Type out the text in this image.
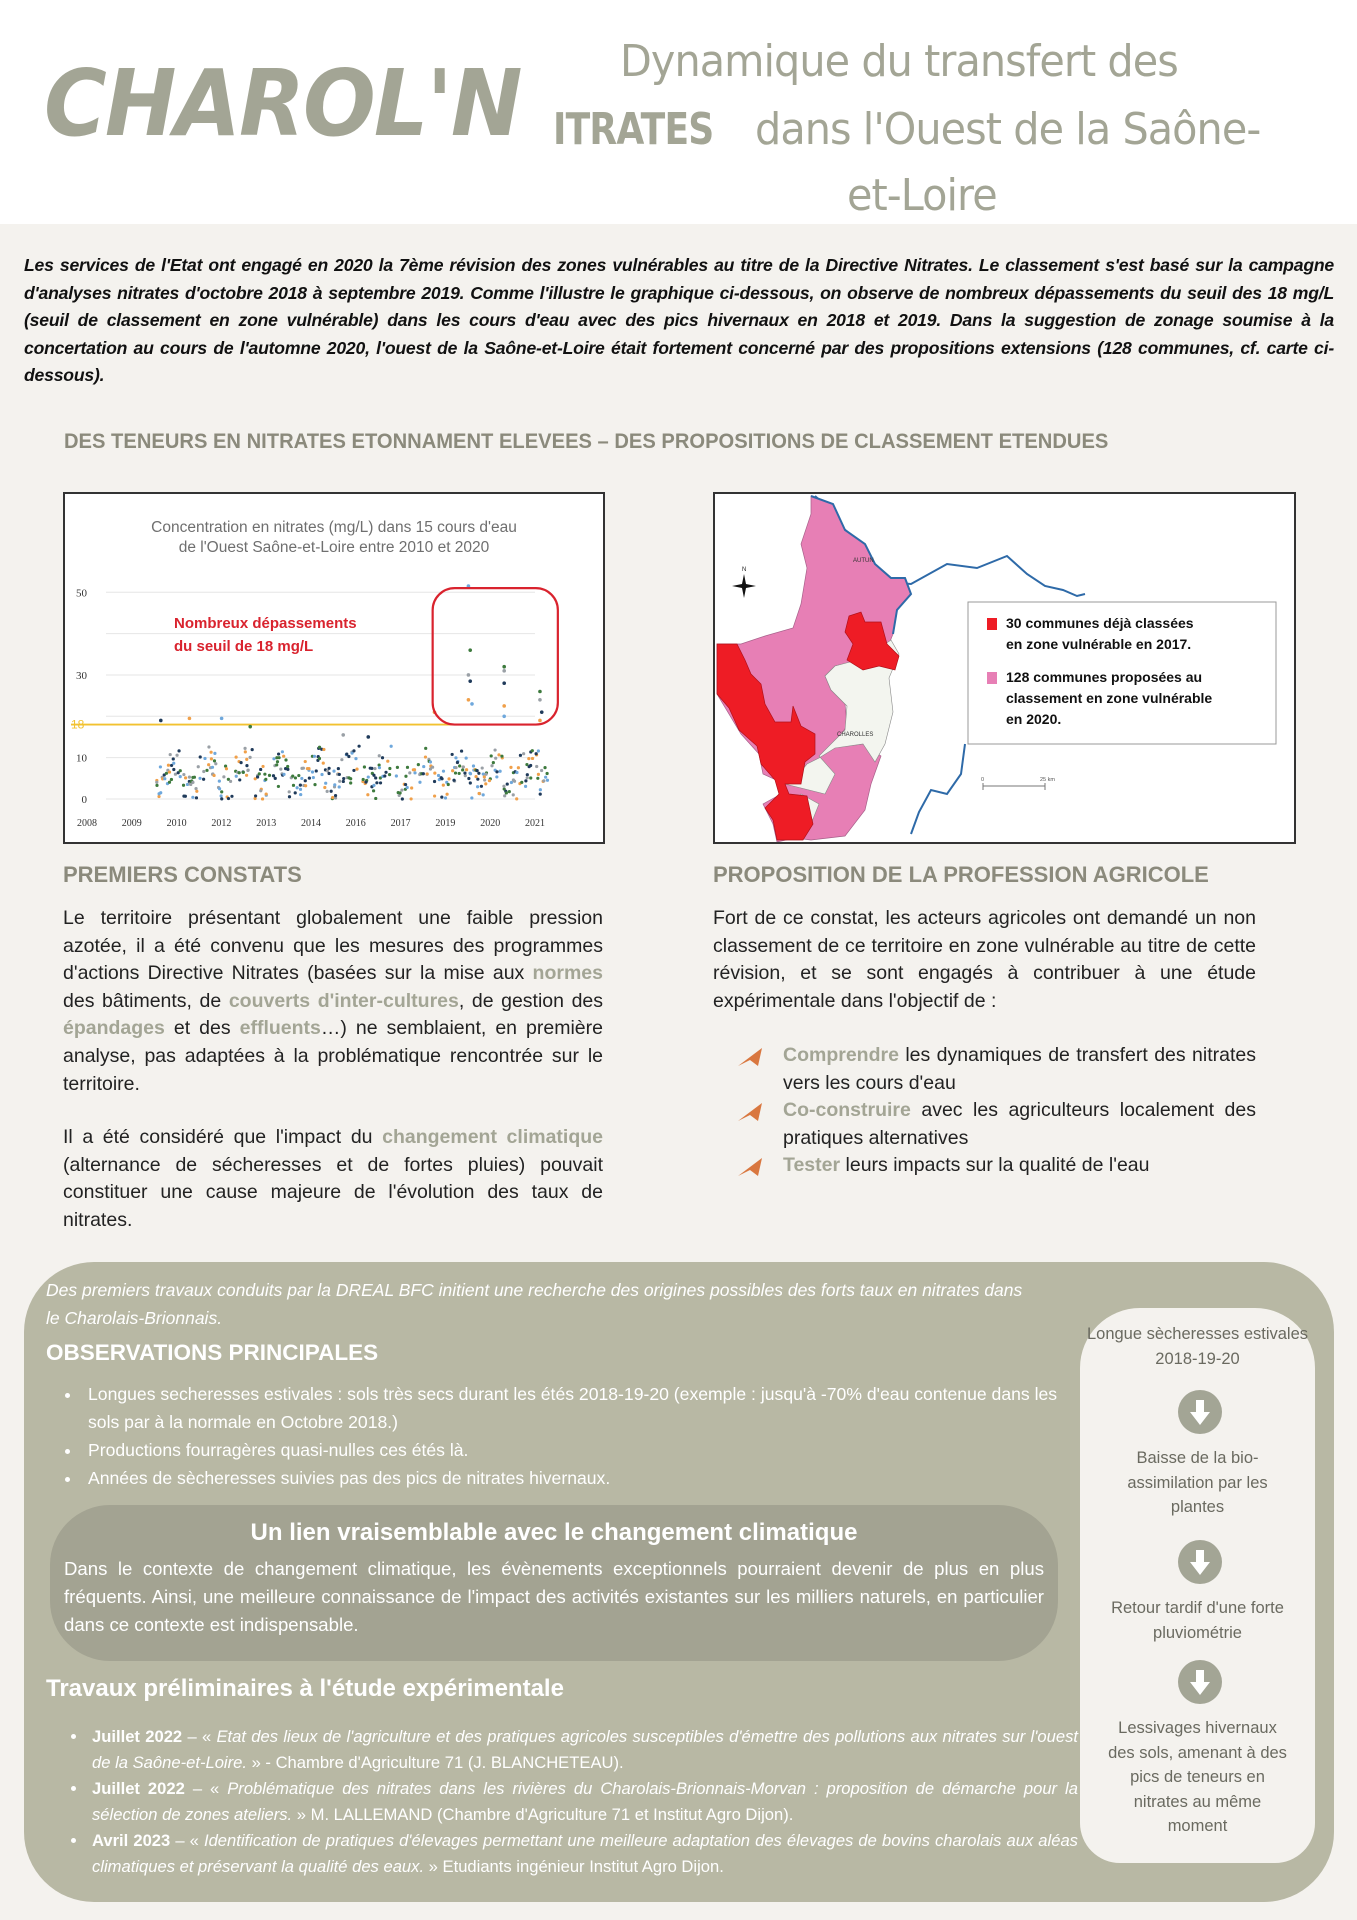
CHAROL'N ITRATES
Dynamique du transfert des
dans l'Ouest de la Saône-
et-Loire
Les services de l'Etat ont engagé en 2020 la 7ème révision des zones vulnérables au titre de la Directive Nitrates. Le classement s'est basé sur la campagne d'analyses nitrates d'octobre 2018 à septembre 2019. Comme l'illustre le graphique ci-dessous, on observe de nombreux dépassements du seuil des 18 mg/L (seuil de classement en zone vulnérable) dans les cours d'eau avec des pics hivernaux en 2018 et 2019. Dans la suggestion de zonage soumise à la concertation au cours de l'automne 2020, l'ouest de la Saône-et-Loire était fortement concerné par des propositions extensions (128 communes, cf. carte ci-dessous).
DES TENEURS EN NITRATES ETONNAMENT ELEVEES – DES PROPOSITIONS DE CLASSEMENT ETENDUES
Concentration en nitrates (mg/L) dans 15 cours d'eau
de l'Ouest Saône-et-Loire entre 2010 et 2020
0
10
30
50
2008 2009 2010 2012 2013 2014 2016 2017 2019 2020 2021
18
Nombreux dépassements
du seuil de 18 mg/L
N
AUTUN
CHAROLLES
0	25 km
30 communes déjà classées
en zone vulnérable en 2017.
128 communes proposées au
classement en zone vulnérable
en 2020.
PREMIERS CONSTATS
Le territoire présentant globalement une faible pression azotée, il a été convenu que les mesures des programmes d'actions Directive Nitrates (basées sur la mise aux normes des bâtiments, de couverts d'inter-cultures, de gestion des épandages et des effluents…) ne semblaient, en première analyse, pas adaptées à la problématique rencontrée sur le territoire.
Il a été considéré que l'impact du changement climatique (alternance de sécheresses et de fortes pluies) pouvait constituer une cause majeure de l'évolution des taux de nitrates.
PROPOSITION DE LA PROFESSION AGRICOLE
Fort de ce constat, les acteurs agricoles ont demandé un non classement de ce territoire en zone vulnérable au titre de cette révision, et se sont engagés à contribuer à une étude expérimentale dans l'objectif de :
Comprendre les dynamiques de transfert des nitrates vers les cours d'eau
Co-construire avec les agriculteurs localement des pratiques alternatives
Tester leurs impacts sur la qualité de l'eau
Des premiers travaux conduits par la DREAL BFC initient une recherche des origines possibles des forts taux en nitrates dans le Charolais-Brionnais.
OBSERVATIONS PRINCIPALES
• Longues secheresses estivales : sols très secs durant les étés 2018-19-20 (exemple : jusqu'à -70% d'eau contenue dans les sols par à la normale en Octobre 2018.)
• Productions fourragères quasi-nulles ces étés là.
• Années de sècheresses suivies pas des pics de nitrates hivernaux.
Un lien vraisemblable avec le changement climatique
Dans le contexte de changement climatique, les évènements exceptionnels pourraient devenir de plus en plus fréquents. Ainsi, une meilleure connaissance de l'impact des activités existantes sur les milliers naturels, en particulier dans ce contexte est indispensable.
Travaux préliminaires à l'étude expérimentale
• Juillet 2022 – « Etat des lieux de l'agriculture et des pratiques agricoles susceptibles d'émettre des pollutions aux nitrates sur l'ouest de la Saône-et-Loire. » - Chambre d'Agriculture 71 (J. BLANCHETEAU).
• Juillet 2022 – « Problématique des nitrates dans les rivières du Charolais-Brionnais-Morvan : proposition de démarche pour la sélection de zones ateliers. » M. LALLEMAND (Chambre d'Agriculture 71 et Institut Agro Dijon).
• Avril 2023 – « Identification de pratiques d'élevages permettant une meilleure adaptation des élevages de bovins charolais aux aléas climatiques et préservant la qualité des eaux. » Etudiants ingénieur Institut Agro Dijon.
Longue sècheresses estivales 2018-19-20
Baisse de la bio-assimilation par les plantes
Retour tardif d'une forte pluviométrie
Lessivages hivernaux des sols, amenant à des pics de teneurs en nitrates au même moment
